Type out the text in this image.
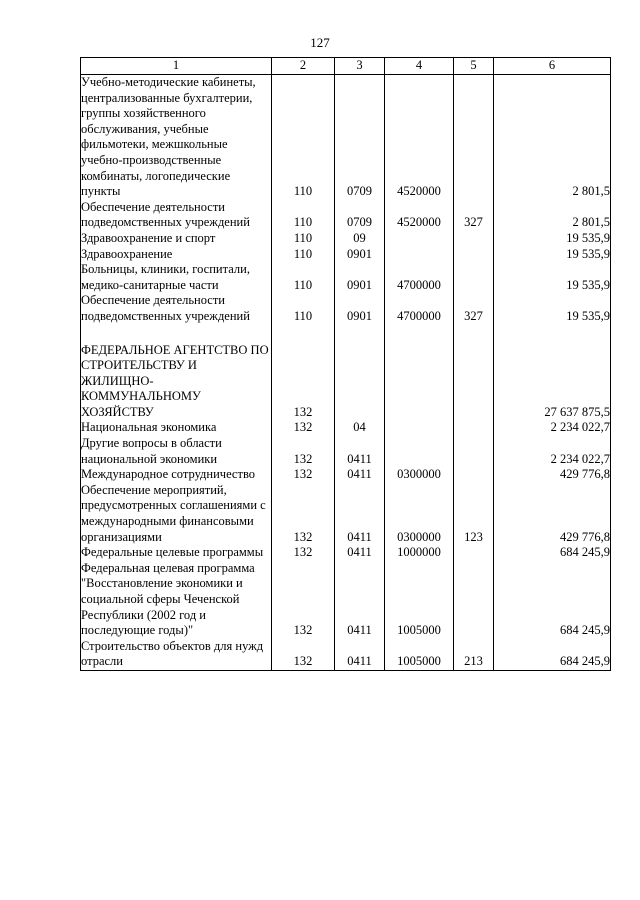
127
1	2	3	4	5	6
Учебно-методические кабинеты, централизованные бухгалтерии, группы хозяйственного обслуживания, учебные фильмотеки, межшкольные учебно-производственные комбинаты, логопедические пункты	110	0709	4520000		2 801,5
Обеспечение деятельности подведомственных учреждений	110	0709	4520000	327	2 801,5
Здравоохранение и спорт	110	09			19 535,9
Здравоохранение	110	0901			19 535,9
Больницы, клиники, госпитали, медико-санитарные части	110	0901	4700000		19 535,9
Обеспечение деятельности подведомственных учреждений	110	0901	4700000	327	19 535,9

ФЕДЕРАЛЬНОЕ АГЕНТСТВО ПО СТРОИТЕЛЬСТВУ И ЖИЛИЩНО-КОММУНАЛЬНОМУ ХОЗЯЙСТВУ	132				27 637 875,5
Национальная экономика	132	04			2 234 022,7
Другие вопросы в области национальной экономики	132	0411			2 234 022,7
Международное сотрудничество	132	0411	0300000		429 776,8
Обеспечение мероприятий, предусмотренных соглашениями с международными финансовыми организациями	132	0411	0300000	123	429 776,8
Федеральные целевые программы	132	0411	1000000		684 245,9
Федеральная целевая программа "Восстановление экономики и социальной сферы Чеченской Республики (2002 год и последующие годы)"	132	0411	1005000		684 245,9
Строительство объектов для нужд отрасли	132	0411	1005000	213	684 245,9
